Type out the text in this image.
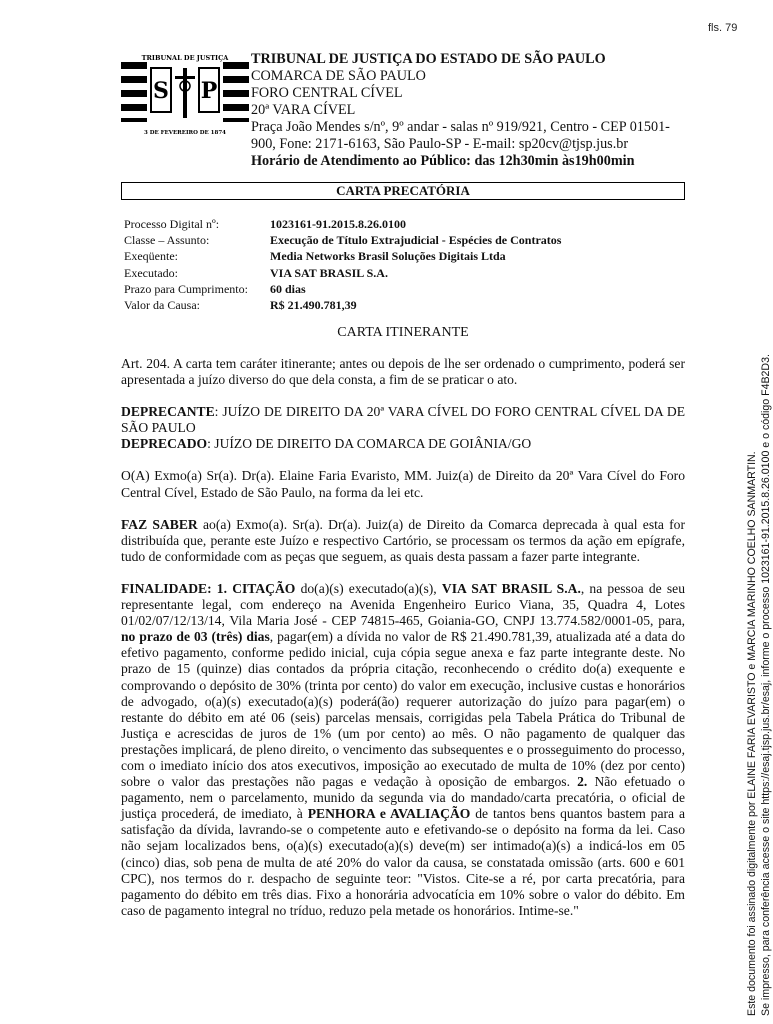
fls. 79
TRIBUNAL DE JUSTIÇA
S P
3 DE FEVEREIRO DE 1874
TRIBUNAL DE JUSTIÇA DO ESTADO DE SÃO PAULO
COMARCA DE SÃO PAULO
FORO CENTRAL CÍVEL
20ª VARA CÍVEL
Praça João Mendes s/nº, 9º andar - salas nº 919/921, Centro - CEP 01501-900, Fone: 2171-6163, São Paulo-SP - E-mail: sp20cv@tjsp.jus.br
Horário de Atendimento ao Público: das 12h30min às19h00min
CARTA PRECATÓRIA
Processo Digital nº:	1023161-91.2015.8.26.0100
Classe – Assunto:	Execução de Título Extrajudicial - Espécies de Contratos
Exeqüente:	Media Networks Brasil Soluções Digitais Ltda
Executado:	VIA SAT BRASIL S.A.
Prazo para Cumprimento:	60 dias
Valor da Causa:	R$ 21.490.781,39
CARTA ITINERANTE

Art. 204. A carta tem caráter itinerante; antes ou depois de lhe ser ordenado o cumprimento, poderá ser apresentada a juízo diverso do que dela consta, a fim de se praticar o ato.

DEPRECANTE: JUÍZO DE DIREITO DA 20ª VARA CÍVEL DO FORO CENTRAL CÍVEL DA DE SÃO PAULO
DEPRECADO: JUÍZO DE DIREITO DA COMARCA DE GOIÂNIA/GO

O(A) Exmo(a) Sr(a). Dr(a). Elaine Faria Evaristo, MM. Juiz(a) de Direito da 20ª Vara Cível do Foro Central Cível, Estado de São Paulo, na forma da lei etc.

FAZ SABER ao(a) Exmo(a). Sr(a). Dr(a). Juiz(a) de Direito da Comarca deprecada à qual esta for distribuída que, perante este Juízo e respectivo Cartório, se processam os termos da ação em epígrafe, tudo de conformidade com as peças que seguem, as quais desta passam a fazer parte integrante.

FINALIDADE: 1. CITAÇÃO do(a)(s) executado(a)(s), VIA SAT BRASIL S.A., na pessoa de seu representante legal, com endereço na Avenida Engenheiro Eurico Viana, 35, Quadra 4, Lotes 01/02/07/12/13/14, Vila Maria José - CEP 74815-465, Goiania-GO, CNPJ 13.774.582/0001-05, para, no prazo de 03 (três) dias, pagar(em) a dívida no valor de R$ 21.490.781,39, atualizada até a data do efetivo pagamento, conforme pedido inicial, cuja cópia segue anexa e faz parte integrante deste. No prazo de 15 (quinze) dias contados da própria citação, reconhecendo o crédito do(a) exequente e comprovando o depósito de 30% (trinta por cento) do valor em execução, inclusive custas e honorários de advogado, o(a)(s) executado(a)(s) poderá(ão) requerer autorização do juízo para pagar(em) o restante do débito em até 06 (seis) parcelas mensais, corrigidas pela Tabela Prática do Tribunal de Justiça e acrescidas de juros de 1% (um por cento) ao mês. O não pagamento de qualquer das prestações implicará, de pleno direito, o vencimento das subsequentes e o prosseguimento do processo, com o imediato início dos atos executivos, imposição ao executado de multa de 10% (dez por cento) sobre o valor das prestações não pagas e vedação à oposição de embargos. 2. Não efetuado o pagamento, nem o parcelamento, munido da segunda via do mandado/carta precatória, o oficial de justiça procederá, de imediato, à PENHORA e AVALIAÇÃO de tantos bens quantos bastem para a satisfação da dívida, lavrando-se o competente auto e efetivando-se o depósito na forma da lei. Caso não sejam localizados bens, o(a)(s) executado(a)(s) deve(m) ser intimado(a)(s) a indicá-los em 05 (cinco) dias, sob pena de multa de até 20% do valor da causa, se constatada omissão (arts. 600 e 601 CPC), nos termos do r. despacho de seguinte teor: "Vistos. Cite-se a ré, por carta precatória, para pagamento do débito em três dias. Fixo a honorária advocatícia em 10% sobre o valor do débito. Em caso de pagamento integral no tríduo, reduzo pela metade os honorários. Intime-se."	Este documento foi assinado digitalmente por ELAINE FARIA EVARISTO e MARCIA MARINHO COELHO SANMARTIN. Se impresso, para conferência acesse o site https://esaj.tjsp.jus.br/esaj, informe o processo 1023161-91.2015.8.26.0100 e o código F4B2D3.
